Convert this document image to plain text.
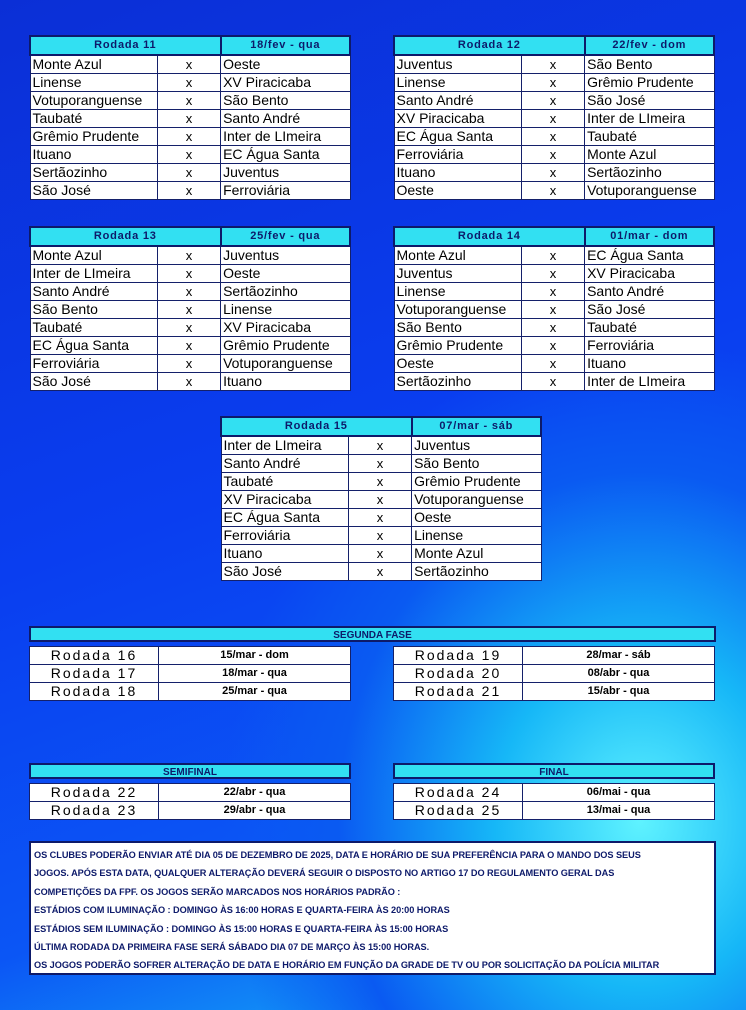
Rodada 11		18/fev - qua
Monte Azul	x	Oeste
Linense	x	XV Piracicaba
Votuporanguense	x	São Bento
Taubaté	x	Santo André
Grêmio Prudente	x	Inter de LImeira
Ituano	x	EC Água Santa
Sertãozinho	x	Juventus
São José	x	Ferroviária
Rodada 12		22/fev - dom
Juventus	x	São Bento
Linense	x	Grêmio Prudente
Santo André	x	São José
XV Piracicaba	x	Inter de LImeira
EC Água Santa	x	Taubaté
Ferroviária	x	Monte Azul
Ituano	x	Sertãozinho
Oeste	x	Votuporanguense
Rodada 13		25/fev - qua
Monte Azul	x	Juventus
Inter de LImeira	x	Oeste
Santo André	x	Sertãozinho
São Bento	x	Linense
Taubaté	x	XV Piracicaba
EC Água Santa	x	Grêmio Prudente
Ferroviária	x	Votuporanguense
São José	x	Ituano
Rodada 14		01/mar - dom
Monte Azul	x	EC Água Santa
Juventus	x	XV Piracicaba
Linense	x	Santo André
Votuporanguense	x	São José
São Bento	x	Taubaté
Grêmio Prudente	x	Ferroviária
Oeste	x	Ituano
Sertãozinho	x	Inter de LImeira
Rodada 15		07/mar - sáb
Inter de LImeira	x	Juventus
Santo André	x	São Bento
Taubaté	x	Grêmio Prudente
XV Piracicaba	x	Votuporanguense
EC Água Santa	x	Oeste
Ferroviária	x	Linense
Ituano	x	Monte Azul
São José	x	Sertãozinho
SEGUNDA FASE
Rodada 16	15/mar - dom
Rodada 17	18/mar - qua
Rodada 18	25/mar - qua
Rodada 19	28/mar - sáb
Rodada 20	08/abr - qua
Rodada 21	15/abr - qua
SEMIFINAL
Rodada 22	22/abr - qua
Rodada 23	29/abr - qua
FINAL
Rodada 24	06/mai - qua
Rodada 25	13/mai - qua
OS CLUBES PODERÃO ENVIAR ATÉ DIA 05 DE DEZEMBRO DE 2025, DATA E HORÁRIO DE SUA PREFERÊNCIA PARA O MANDO DOS SEUS
JOGOS. APÓS ESTA DATA, QUALQUER ALTERAÇÃO DEVERÁ SEGUIR O DISPOSTO NO ARTIGO 17 DO REGULAMENTO GERAL DAS
COMPETIÇÕES DA FPF. OS JOGOS SERÃO MARCADOS NOS HORÁRIOS PADRÃO :
ESTÁDIOS COM ILUMINAÇÃO : DOMINGO ÀS 16:00 HORAS E QUARTA-FEIRA ÀS 20:00 HORAS
ESTÁDIOS SEM ILUMINAÇÃO : DOMINGO ÀS 15:00 HORAS E QUARTA-FEIRA ÀS 15:00 HORAS
ÚLTIMA RODADA DA PRIMEIRA FASE SERÁ SÁBADO DIA 07 DE MARÇO ÀS 15:00 HORAS.
OS JOGOS PODERÃO SOFRER ALTERAÇÃO DE DATA E HORÁRIO EM FUNÇÃO DA GRADE DE TV OU POR SOLICITAÇÃO DA POLÍCIA MILITAR
